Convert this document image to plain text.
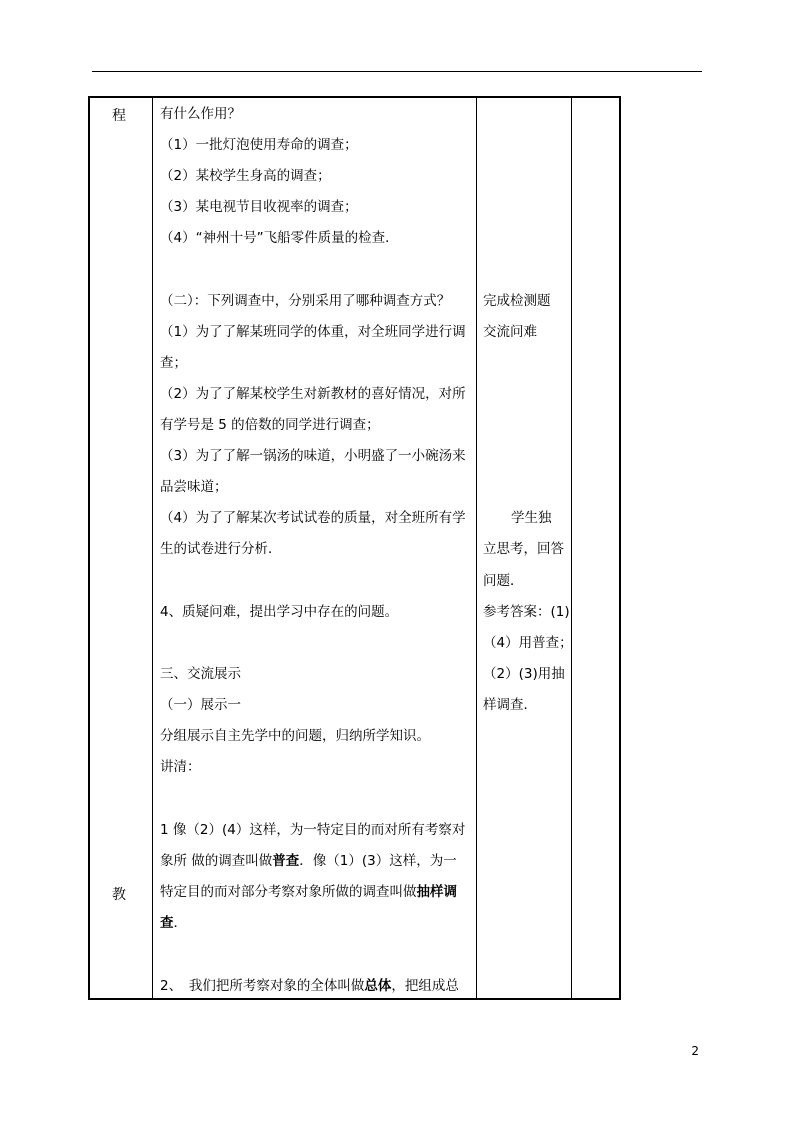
程
教
有什么作用？
（1）一批灯泡使用寿命的调查；
（2）某校学生身高的调查；
（3）某电视节目收视率的调查；
（4）“神州十号”飞船零件质量的检查．
（二）：下列调查中，分别采用了哪种调查方式？
（1）为了了解某班同学的体重，对全班同学进行调
查；
（2）为了了解某校学生对新教材的喜好情况，对所
有学号是 5 的倍数的同学进行调查；
（3）为了了解一锅汤的味道，小明盛了一小碗汤来
品尝味道；
（4）为了了解某次考试试卷的质量，对全班所有学
生的试卷进行分析．
4、质疑问难，提出学习中存在的问题。
三、交流展示
（一）展示一
分组展示自主先学中的问题，归纳所学知识。
讲清：
1 像（2）(4）这样，为一特定目的而对所有考察对
象所 做的调查叫做普查．像（1）(3）这样，为一
特定目的而对部分考察对象所做的调查叫做抽样调
查．
2、　我们把所考察对象的全体叫做总体，把组成总
完成检测题
交流问难
学生独
立思考，回答
问题．
参考答案：(1)
（4）用普查；
（2）(3)用抽
样调查．
2
